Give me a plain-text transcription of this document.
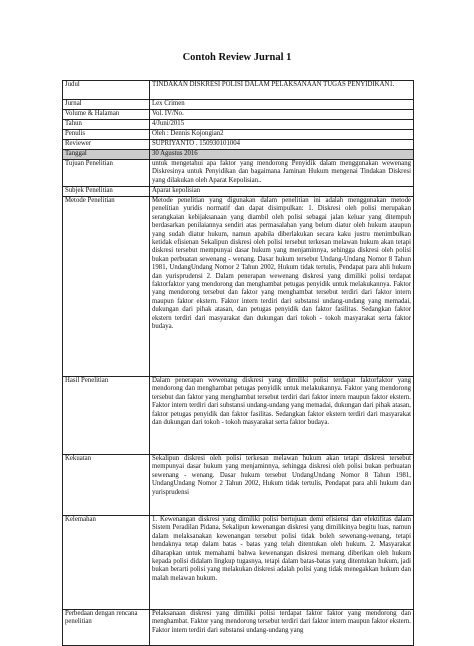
Contoh Review Jurnal 1
Judul	TINDAKAN DISKRESI POLISI DALAM PELAKSANAAN TUGAS PENYIDIKAN1.
Jurnal	Lex Crimen
Volume & Halaman	Vol. IV/No.
Tahun	4/Juni/2015
Penulis	Oleh : Dennis Kojongian2
Reviewer	SUPRIYANTO . 150930101004
Tanggal	30 Agustus 2016
Tujuan Penelitian	untuk mengetahui apa faktor yang mendorong Penyidik dalam menggunakan wewenang Diskresinya untuk Penyidikan dan bagaimana Jaminan Hukum mengenai Tindakan Diskresi yang dilakukan oleh Aparat Kepolisian..
Subjek Penelitian	Aparat kepolisian
Metode Penelitian	Metode penelitian yang digunakan dalam penelitian ini adalah menggunakan metode penelitian yuridis normatif dan dapat disimpulkan: 1. Diskresi oleh polisi merupakan serangkaian kebijaksanaan yang diambil oleh polisi sebagai jalan keluar yang ditempuh berdasarkan penilaiannya sendiri atas permasalahan yang belum diatur oleh hukum ataupun yang sudah diatur hukum, namun apabila diberlakukan secara kaku justru menimbulkan ketidak efisienan Sekalipun diskresi oleh polisi tersebut terkesan melawan hukum akan tetapi diskresi tersebut mempunyai dasar hukum yang menjaminnya, sehingga diskresi oleh polisi bukan perbuatan sewenang - wenang. Dasar hukum tersebut Undang-Undang Nomor 8 Tahun 1981, UndangUndang Nomor 2 Tahun 2002, Hukum tidak tertulis, Pendapat para ahli hukum dan yurisprudensi 2. Dalam penerapan wewenang diskresi yang dimiliki polisi terdapat faktorfaktor yang mendorong dan menghambat petugas penyidik untuk melakukannya. Faktor yang mendorong tersebut dan faktor yang menghambat tersebut terdiri dari faktor intern maupun faktor ekstern. Faktor intern terdiri dari substansi undang-undang yang memadai, dukungan dari pihak atasan, dan petugas penyidik dan faktor fasilitas. Sedangkan faktor ekstern terdiri dari masyarakat dan dukungan dari tokoh - tokoh masyarakat serta faktor budaya.
Hasil Penelitian	Dalam penerapan wewenang diskresi yang dimiliki polisi terdapat faktorfaktor yang mendorong dan menghambat petugas penyidik untuk melakukannya. Faktor yang mendorong tersebut dan faktor yang menghambat tersebut terdiri dari faktor intern maupun faktor ekstern. Faktor intern terdiri dari substansi undang-undang yang memadai, dukungan dari pihak atasan, faktor petugas penyidik dan faktor fasilitas. Sedangkan faktor ekstern terdiri dari masyarakat dan dukungan dari tokoh - tokoh masyarakat serta faktor budaya.
Kekuatan	Sekalipun diskresi oleh polisi terkesan melawan hukum akan tetapi diskresi tersebut mempunyai dasar hukum yang menjaminnya, sehingga diskresi oleh polisi bukan perbuatan sewenang - wenang. Dasar hukum tersebut UndangUndang Nomor 8 Tahun 1981, UndangUndang Nomor 2 Tahun 2002, Hukum tidak tertulis, Pendapat para ahli hukum dan yurisprudensi
Kelemahan	1. Kewenangan diskresi yang dimiliki polisi bertujuan demi efisiensi dan efektifitas dalam Sistem Peradilan Pidana, Sekalipun kewenangan diskresi yang dimilikinya begitu luas, namun dalam melaksanakan kewenangan tersebut polisi tidak boleh sewenang-wenang, tetapi hendaknya tetap dalam batas - batas yang telah ditentukan oleh hukum. 2. Masyarakat diharapkan untuk memahami bahwa kewenangan diskresi memang diberikan oleh hukum kepada polisi didalam lingkup tugasnya, tetapi dalam batas-batas yang ditentukan hukum, jadi bukan berarti polisi yang melakukan diskresi adalah polisi yang tidak menegakkan hukum dan malah melawan hukum.
Perbedaan dengan rencana penelitian	Pelaksanaan diskresi yang dimiliki polisi terdapat faktor faktor yang mendorong dan menghambat. Faktor yang mendorong tersebut terdiri dari faktor intern maupun faktor ekstern. Faktor intern terdiri dari substansi undang-undang yang
